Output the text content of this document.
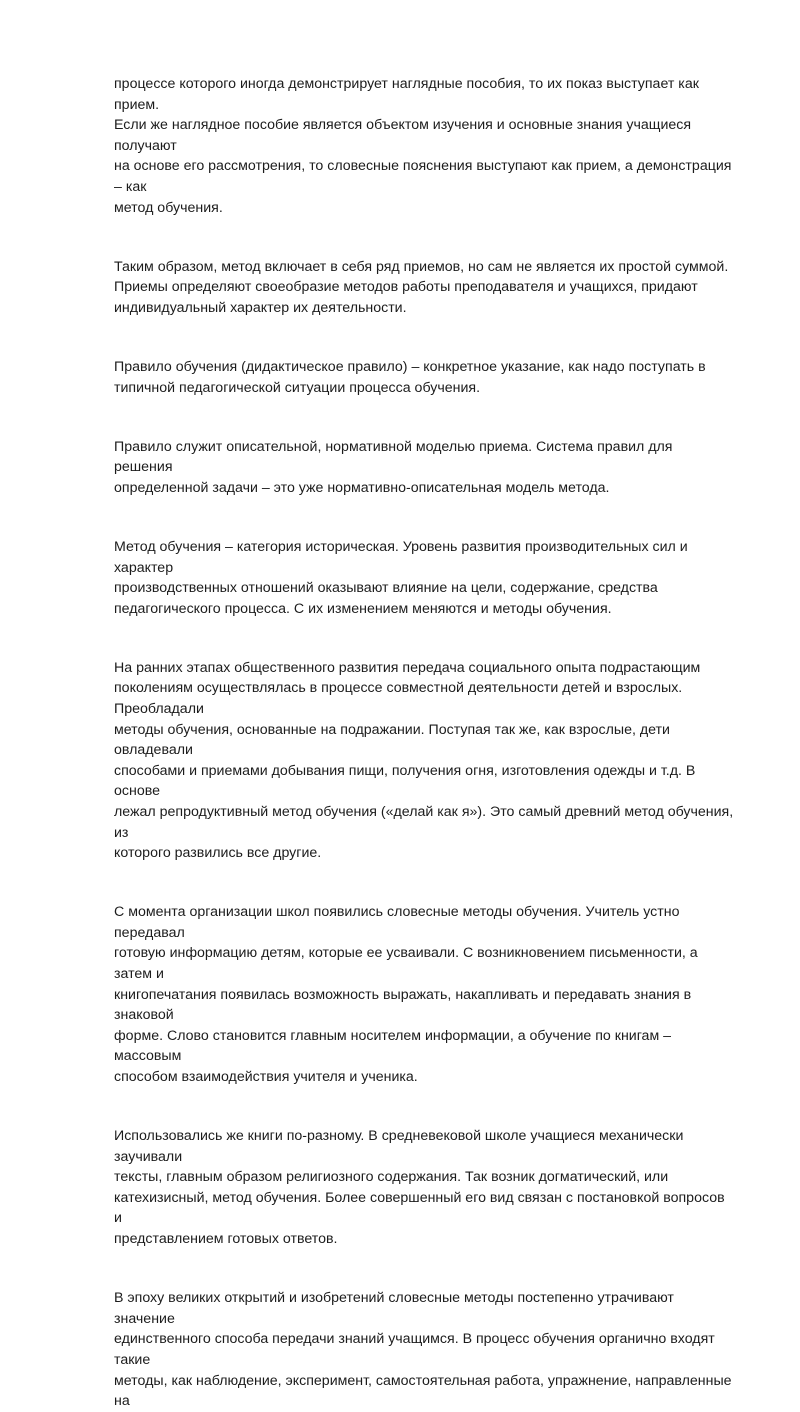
процессе которого иногда демонстрирует наглядные пособия, то их показ выступает как прием.
Если же наглядное пособие является объектом изучения и основные знания учащиеся получают
на основе его рассмотрения, то словесные пояснения выступают как прием, а демонстрация – как
метод обучения.

Таким образом, метод включает в себя ряд приемов, но сам не является их простой суммой.
Приемы определяют своеобразие методов работы преподавателя и учащихся, придают
индивидуальный характер их деятельности.

Правило обучения (дидактическое правило) – конкретное указание, как надо поступать в
типичной педагогической ситуации процесса обучения.

Правило служит описательной, нормативной моделью приема. Система правил для решения
определенной задачи – это уже нормативно-описательная модель метода.

Метод обучения – категория историческая. Уровень развития производительных сил и характер
производственных отношений оказывают влияние на цели, содержание, средства
педагогического процесса. С их изменением меняются и методы обучения.

На ранних этапах общественного развития передача социального опыта подрастающим
поколениям осуществлялась в процессе совместной деятельности детей и взрослых. Преобладали
методы обучения, основанные на подражании. Поступая так же, как взрослые, дети овладевали
способами и приемами добывания пищи, получения огня, изготовления одежды и т.д. В основе
лежал репродуктивный метод обучения («делай как я»). Это самый древний метод обучения, из
которого развились все другие.

С момента организации школ появились словесные методы обучения. Учитель устно передавал
готовую информацию детям, которые ее усваивали. С возникновением письменности, а затем и
книгопечатания появилась возможность выражать, накапливать и передавать знания в знаковой
форме. Слово становится главным носителем информации, а обучение по книгам – массовым
способом взаимодействия учителя и ученика.

Использовались же книги по-разному. В средневековой школе учащиеся механически заучивали
тексты, главным образом религиозного содержания. Так возник догматический, или
катехизисный, метод обучения. Более совершенный его вид связан с постановкой вопросов и
представлением готовых ответов.

В эпоху великих открытий и изобретений словесные методы постепенно утрачивают значение
единственного способа передачи знаний учащимся. В процесс обучения органично входят такие
методы, как наблюдение, эксперимент, самостоятельная работа, упражнение, направленные на
